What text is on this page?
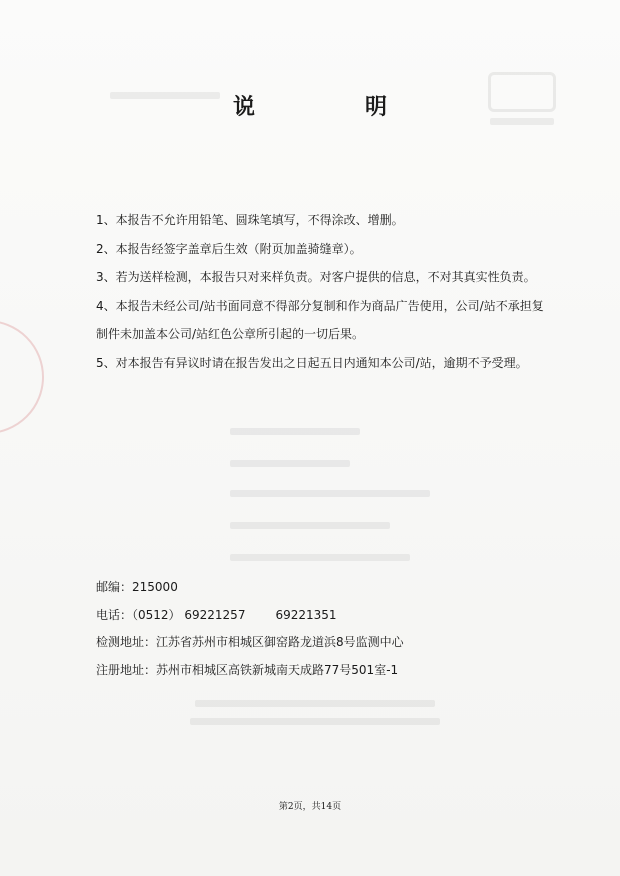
说明

1、本报告不允许用铅笔、圆珠笔填写，不得涂改、增删。

2、本报告经签字盖章后生效（附页加盖骑缝章）。

3、若为送样检测，本报告只对来样负责。对客户提供的信息，不对其真实性负责。

4、本报告未经公司/站书面同意不得部分复制和作为商品广告使用，公司/站不承担复制件未加盖本公司/站红色公章所引起的一切后果。

5、对本报告有异议时请在报告发出之日起五日内通知本公司/站，逾期不予受理。

邮编：215000

电话：（0512） 69221257	69221351

检测地址：江苏省苏州市相城区御窑路龙道浜8号监测中心

注册地址：苏州市相城区高铁新城南天成路77号501室-1

第2页，共14页
